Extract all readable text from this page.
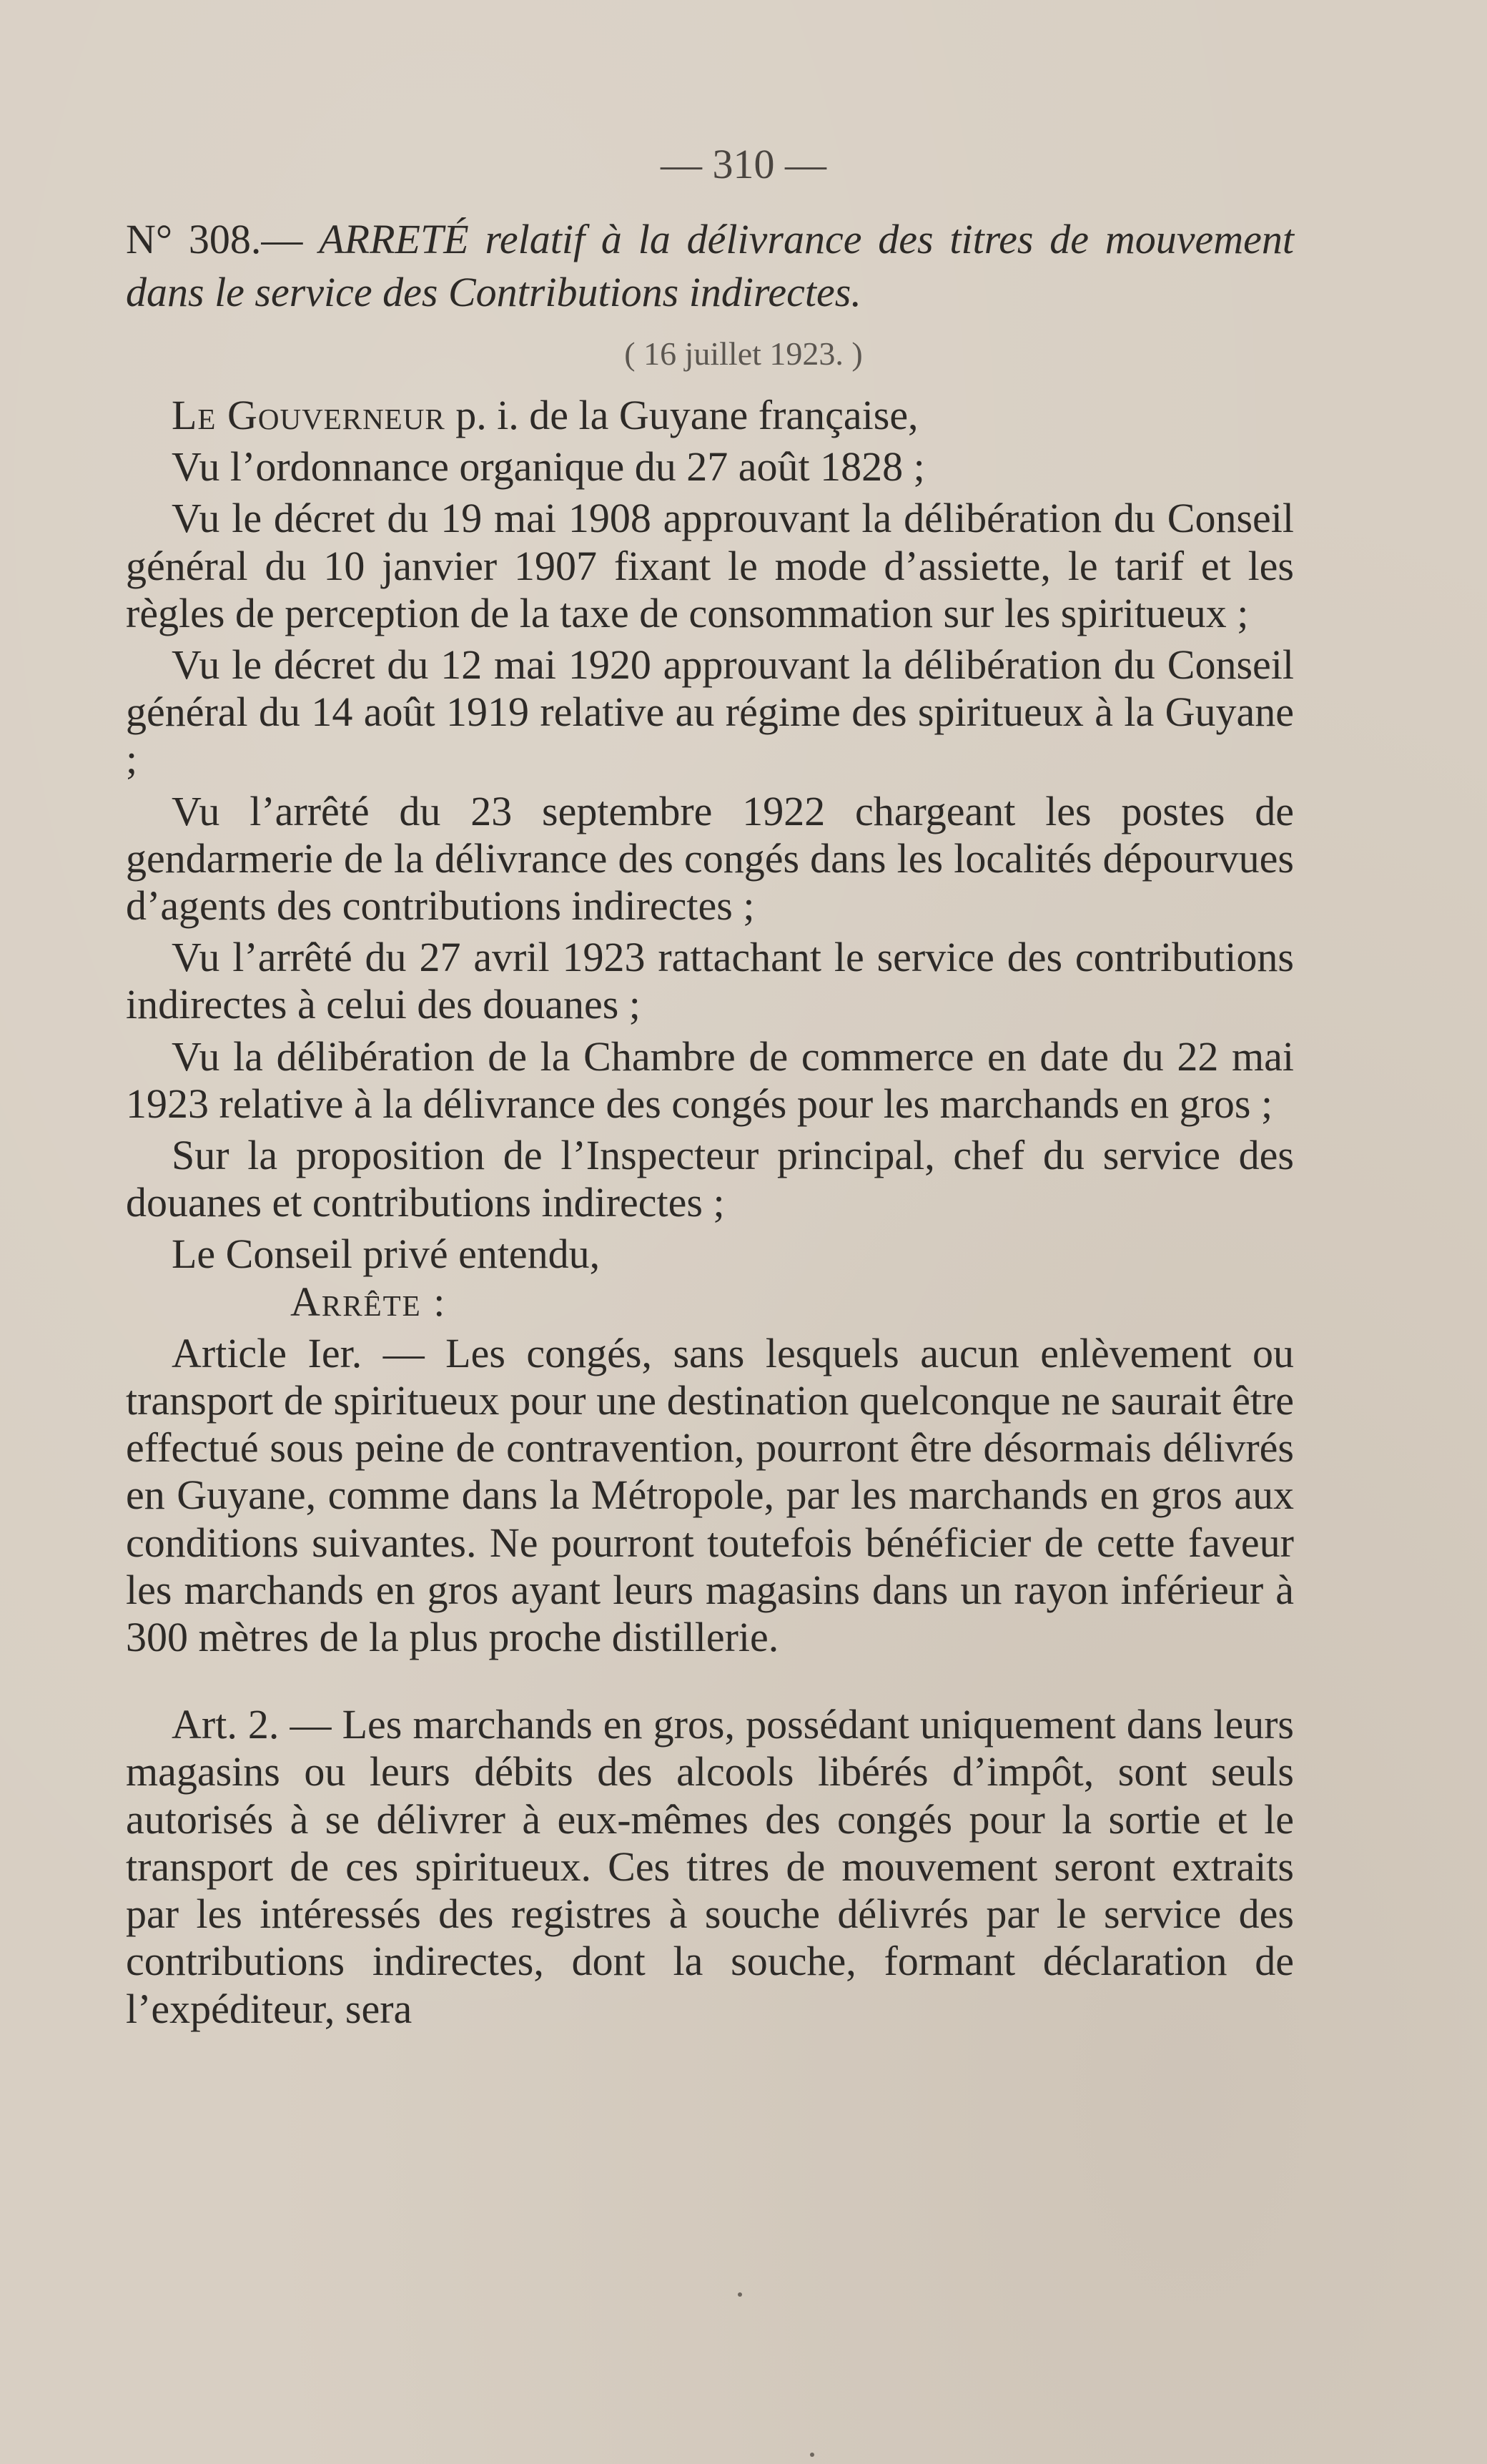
— 310 —
N° 308.— ARRETÉ relatif à la délivrance des titres de mouvement dans le service des Contributions indirectes.
( 16 juillet 1923. )

Le Gouverneur p. i. de la Guyane française,

Vu l’ordonnance organique du 27 août 1828 ;

Vu le décret du 19 mai 1908 approuvant la délibération du Conseil général du 10 janvier 1907 fixant le mode d’assiette, le tarif et les règles de perception de la taxe de consommation sur les spiritueux ;

Vu le décret du 12 mai 1920 approuvant la délibération du Conseil général du 14 août 1919 relative au régime des spiritueux à la Guyane ;

Vu l’arrêté du 23 septembre 1922 chargeant les postes de gendarmerie de la délivrance des congés dans les localités dépourvues d’agents des contributions indirectes ;

Vu l’arrêté du 27 avril 1923 rattachant le service des contributions indirectes à celui des douanes ;

Vu la délibération de la Chambre de commerce en date du 22 mai 1923 relative à la délivrance des congés pour les marchands en gros ;

Sur la proposition de l’Inspecteur principal, chef du service des douanes et contributions indirectes ;

Le Conseil privé entendu,

Arrête :

Article Ier. — Les congés, sans lesquels aucun enlèvement ou transport de spiritueux pour une destination quelconque ne saurait être effectué sous peine de contravention, pourront être désormais délivrés en Guyane, comme dans la Métropole, par les marchands en gros aux conditions suivantes. Ne pourront toutefois bénéficier de cette faveur les marchands en gros ayant leurs magasins dans un rayon inférieur à 300 mètres de la plus proche distillerie.

Art. 2. — Les marchands en gros, possédant uniquement dans leurs magasins ou leurs débits des alcools libérés d’impôt, sont seuls autorisés à se délivrer à eux-mêmes des congés pour la sortie et le transport de ces spiritueux. Ces titres de mouvement seront extraits par les intéressés des registres à souche délivrés par le service des contributions indirectes, dont la souche, formant déclaration de l’expéditeur, sera
